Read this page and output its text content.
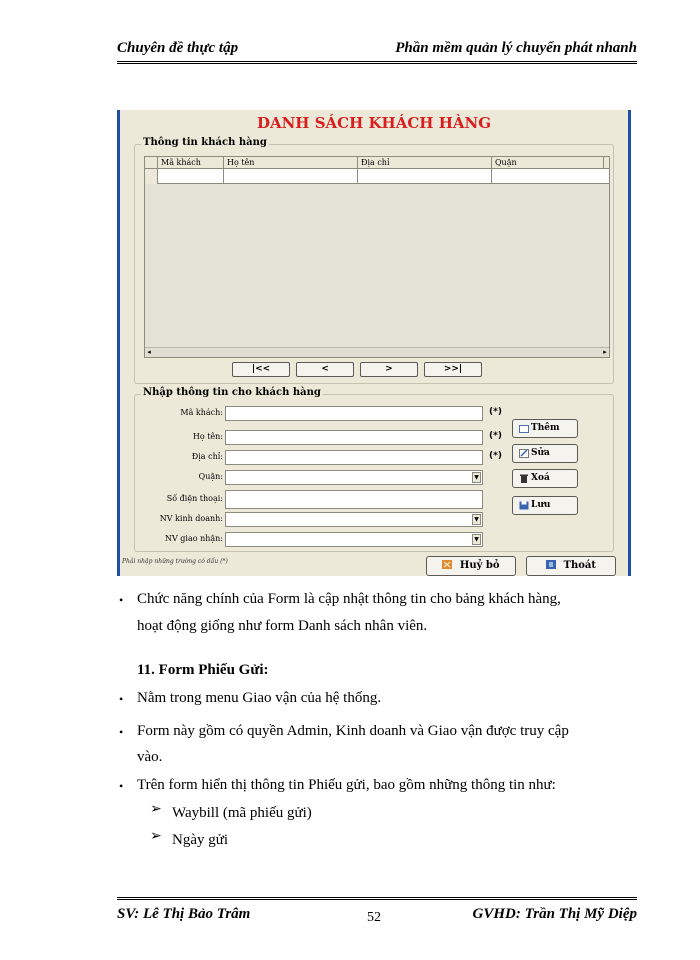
Chuyên đề thực tập	Phần mềm quản lý chuyển phát nhanh
DANH SÁCH KHÁCH HÀNG
Thông tin khách hàng
Mã khách	Họ tên	Địa chỉ	Quận
◂	▸
|<<	<	>	>>|
Nhập thông tin cho khách hàng
Mã khách:	(*)
Họ tên:	(*)
Địa chỉ:	(*)
Quận:	▼
Số điện thoại:
NV kinh doanh:	▼
NV giao nhận:	▼
Thêm
Sửa
Xoá
Lưu
Phải nhập những trường có dấu (*)	Huỷ bỏ	Thoát
• Chức năng chính của Form là cập nhật thông tin cho bảng khách hàng,
hoạt động giống như form Danh sách nhân viên.
11. Form Phiếu Gửi:
• Nằm trong menu Giao vận của hệ thống.
• Form này gồm có quyền Admin, Kinh doanh và Giao vận được truy cập
vào.
• Trên form hiển thị thông tin Phiếu gửi, bao gồm những thông tin như:
➢ Waybill (mã phiếu gửi)
➢ Ngày gửi
SV: Lê Thị Bảo Trâm	52	GVHD: Trần Thị Mỹ Diệp
